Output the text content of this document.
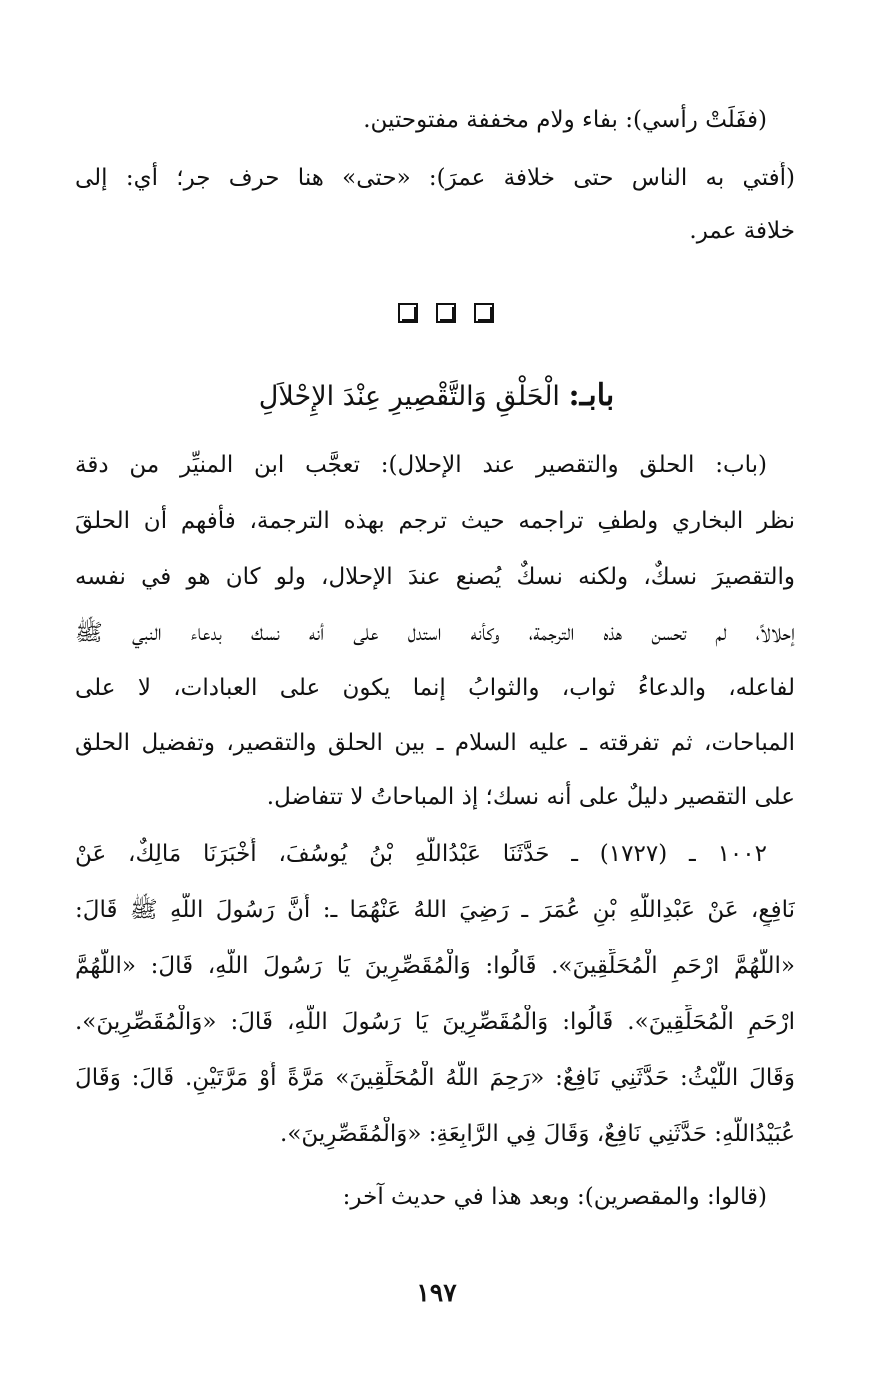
(ففَلَتْ رأسي): بفاء ولام مخففة مفتوحتين.
(أُفتي به الناس حتى خلافة عمرَ): «حتى» هنا حرف جر؛ أي: إلى
خلافة عمر.
بابـ: الْحَلْقِ وَالتَّقْصِيرِ عِنْدَ الإِحْلاَلِ
(باب: الحلق والتقصير عند الإحلال): تعجَّب ابن المنيِّر من دقة
نظر البخاري ولطفِ تراجمه حيث ترجم بهذه الترجمة، فأَفهم أن الحلقَ
والتقصيرَ نسكٌ، ولكنه نسكٌ يُصنع عندَ الإحلال، ولو كان هو في نفسه
إحلالاً، لم تحسن هذه الترجمة، وكأنه استدل على أنه نسك بدعاء النبي ﷺ
لفاعله، والدعاءُ ثواب، والثوابُ إنما يكون على العبادات، لا على
المباحات، ثم تفرقته ـ عليه السلام ـ بين الحلق والتقصير، وتفضيل الحلق
على التقصير دليلٌ على أنه نسك؛ إذ المباحاتُ لا تتفاضل.
١٠٠٢ ـ (١٧٢٧) ـ حَدَّثَنَا عَبْدُاللَّهِ بْنُ يُوسُفَ، أَخْبَرَنَا مَالِكٌ، عَنْ
نَافِعٍ، عَنْ عَبْدِاللَّهِ بْنِ عُمَرَ ـ رَضِيَ اللهُ عَنْهُمَا ـ: أَنَّ رَسُولَ اللَّهِ ﷺ قَالَ:
«اللَّهُمَّ ارْحَمِ الْمُحَلِّقِينَ». قَالُوا: وَالْمُقَصِّرِينَ يَا رَسُولَ اللَّهِ، قَالَ: «اللَّهُمَّ
ارْحَمِ الْمُحَلِّقِينَ». قَالُوا: وَالْمُقَصِّرِينَ يَا رَسُولَ اللَّهِ، قَالَ: «وَالْمُقَصِّرِينَ».
وَقَالَ اللَّيْثُ: حَدَّثَنِي نَافِعٌ: «رَحِمَ اللَّهُ الْمُحَلِّقِينَ» مَرَّةً أَوْ مَرَّتَيْنِ. قَالَ: وَقَالَ
عُبَيْدُاللَّهِ: حَدَّثَنِي نَافِعٌ، وَقَالَ فِي الرَّابِعَةِ: «وَالْمُقَصِّرِينَ».
(قالوا: والمقصرين): وبعد هذا في حديث آخر:
١٩٧
